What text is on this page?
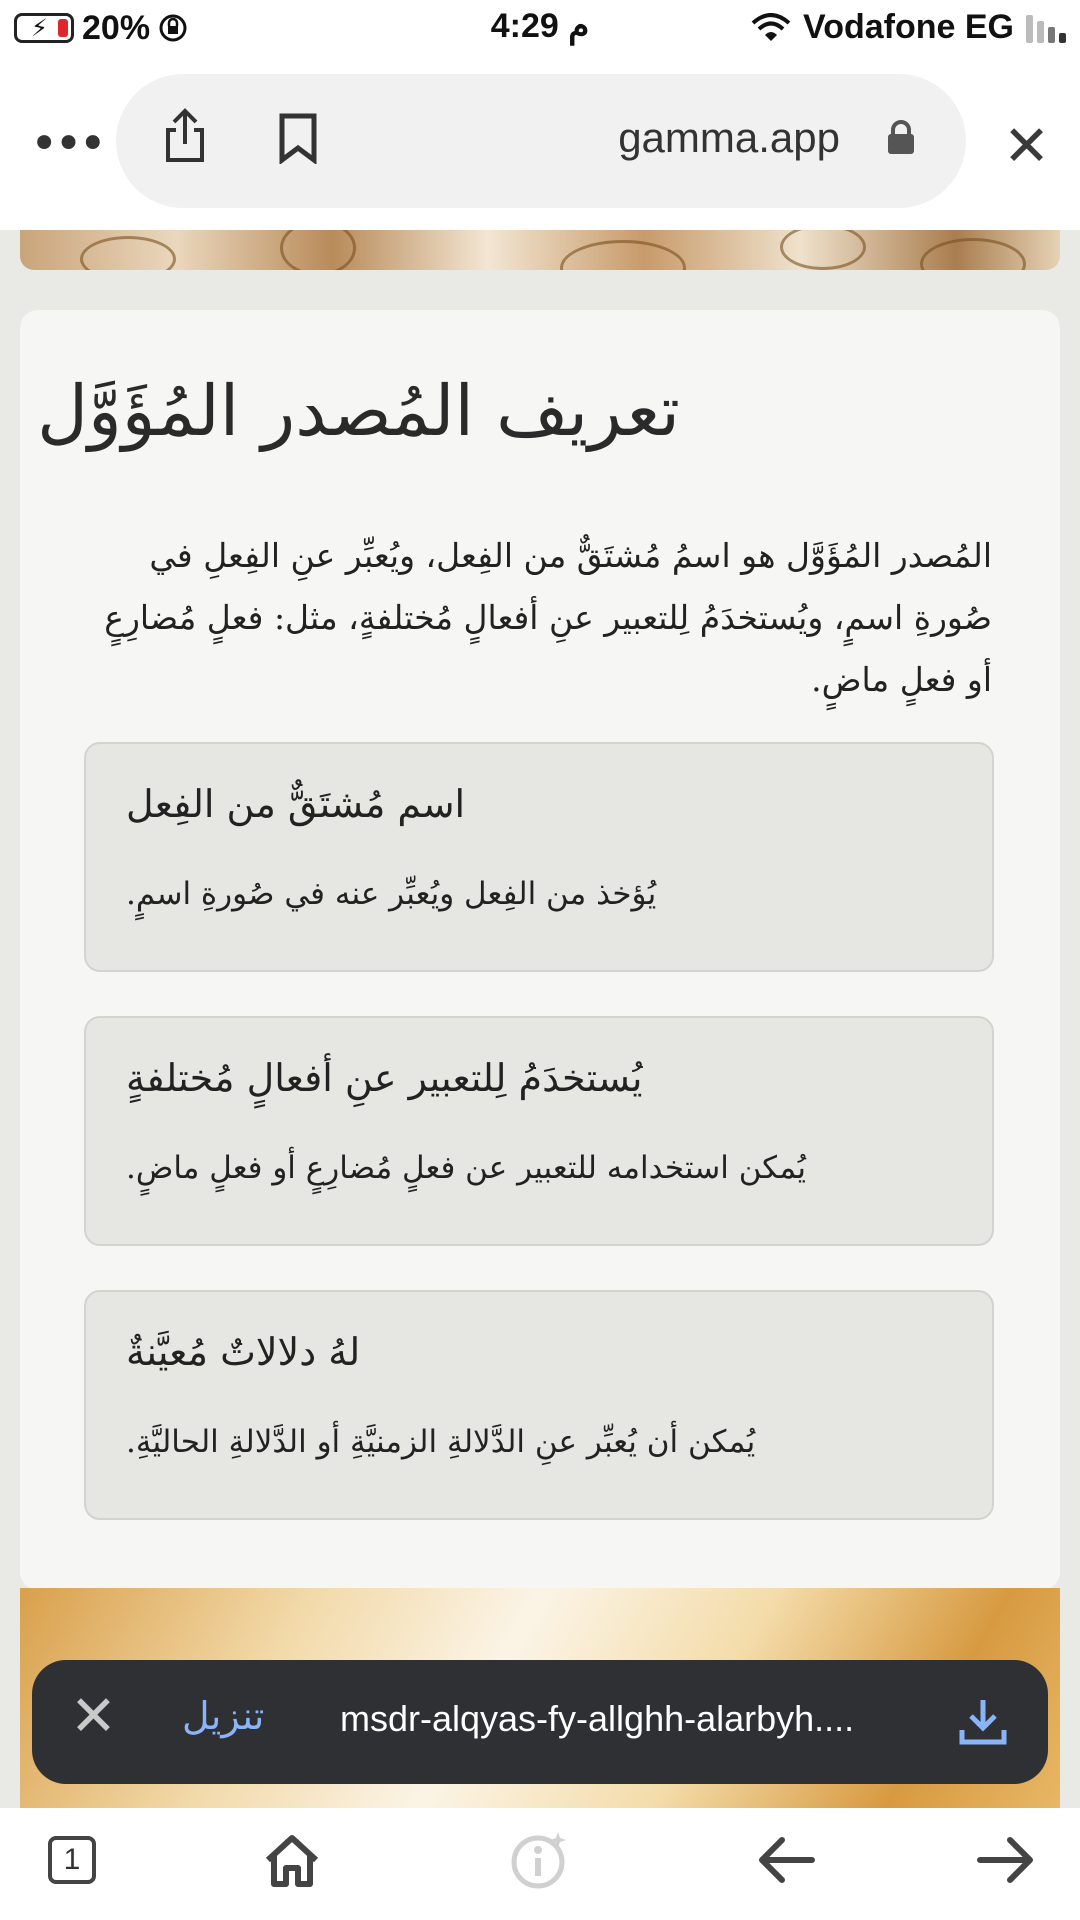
⚡ 20%	4:29 م	Vodafone EG
•••	gamma.app	✕
تعريف المُصدر المُؤَوَّل
المُصدر المُؤَوَّل هو اسمُ مُشتَقٌّ من الفِعل، ويُعبِّر عنِ الفِعلِ في صُورةِ اسمٍ، ويُستخدَمُ لِلتعبير عنِ أفعالٍ مُختلفةٍ، مثل: فعلٍ مُضارِعٍ أو فعلٍ ماضٍ.
اسم مُشتَقٌّ من الفِعل
يُؤخذ من الفِعل ويُعبِّر عنه في صُورةِ اسمٍ.
يُستخدَمُ لِلتعبير عنِ أفعالٍ مُختلفةٍ
يُمكن استخدامه للتعبير عن فعلٍ مُضارِعٍ أو فعلٍ ماضٍ.
لهُ دلالاتٌ مُعيَّنةٌ
يُمكن أن يُعبِّر عنِ الدَّلالةِ الزمنيَّةِ أو الدَّلالةِ الحاليَّةِ.
✕ تنزيل msdr-alqyas-fy-allghh-alarbyh....
1
